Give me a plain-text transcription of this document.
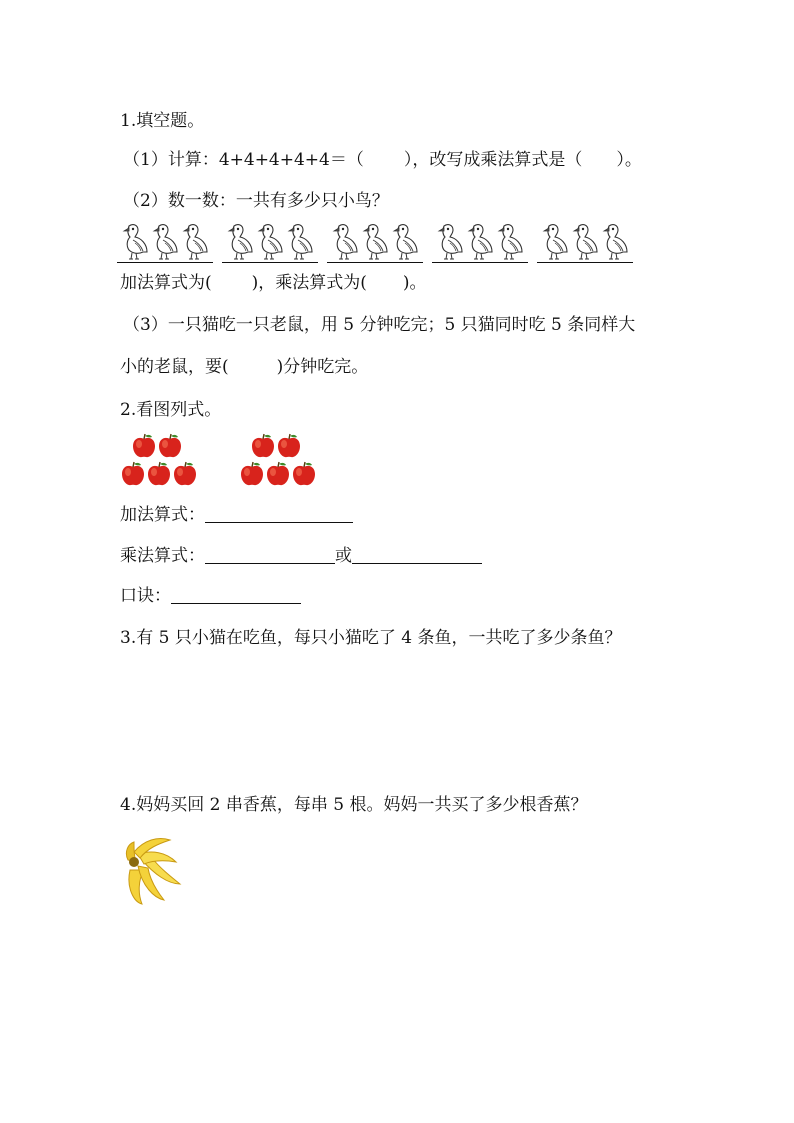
1.填空题。
（1）计算：4+4+4+4+4＝（ ），改写成乘法算式是（ ）。
（2）数一数：一共有多少只小鸟？
加法算式为( )，乘法算式为( )。
（3）一只猫吃一只老鼠，用 5 分钟吃完；5 只猫同时吃 5 条同样大
小的老鼠，要(	)分钟吃完。
2.看图列式。
加法算式：
乘法算式：	或
口诀：
3.有 5 只小猫在吃鱼，每只小猫吃了 4 条鱼，一共吃了多少条鱼？
4.妈妈买回 2 串香蕉，每串 5 根。妈妈一共买了多少根香蕉？
